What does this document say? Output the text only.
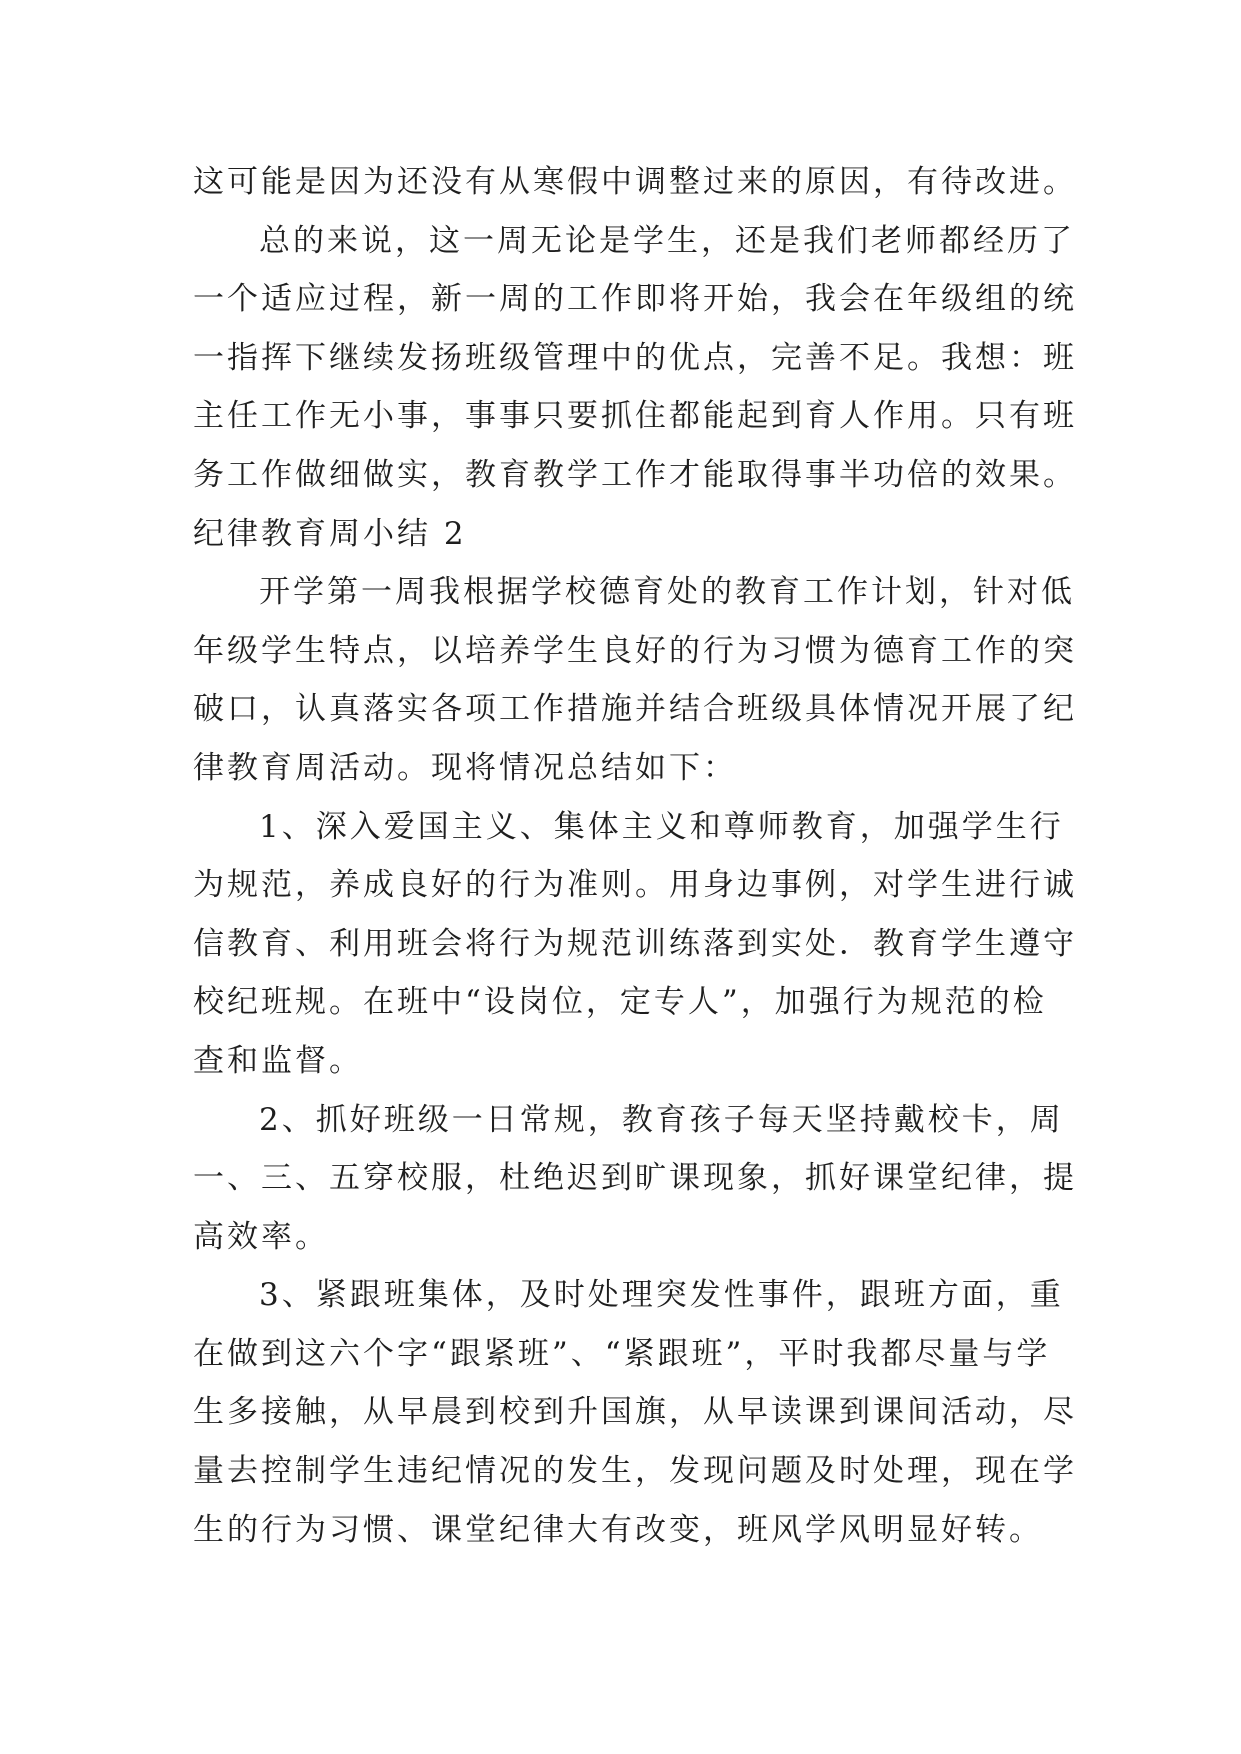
这可能是因为还没有从寒假中调整过来的原因，有待改进。
总的来说，这一周无论是学生，还是我们老师都经历了
一个适应过程，新一周的工作即将开始，我会在年级组的统
一指挥下继续发扬班级管理中的优点，完善不足。我想：班
主任工作无小事，事事只要抓住都能起到育人作用。只有班
务工作做细做实，教育教学工作才能取得事半功倍的效果。
纪律教育周小结 2
开学第一周我根据学校德育处的教育工作计划，针对低
年级学生特点，以培养学生良好的行为习惯为德育工作的突
破口，认真落实各项工作措施并结合班级具体情况开展了纪
律教育周活动。现将情况总结如下：
1、深入爱国主义、集体主义和尊师教育，加强学生行
为规范，养成良好的行为准则。用身边事例，对学生进行诚
信教育、利用班会将行为规范训练落到实处．教育学生遵守
校纪班规。在班中“设岗位，定专人”，加强行为规范的检
查和监督。
2、抓好班级一日常规，教育孩子每天坚持戴校卡，周
一、三、五穿校服，杜绝迟到旷课现象，抓好课堂纪律，提
高效率。
3、紧跟班集体，及时处理突发性事件，跟班方面，重
在做到这六个字“跟紧班”、“紧跟班”，平时我都尽量与学
生多接触，从早晨到校到升国旗，从早读课到课间活动，尽
量去控制学生违纪情况的发生，发现问题及时处理，现在学
生的行为习惯、课堂纪律大有改变，班风学风明显好转。
